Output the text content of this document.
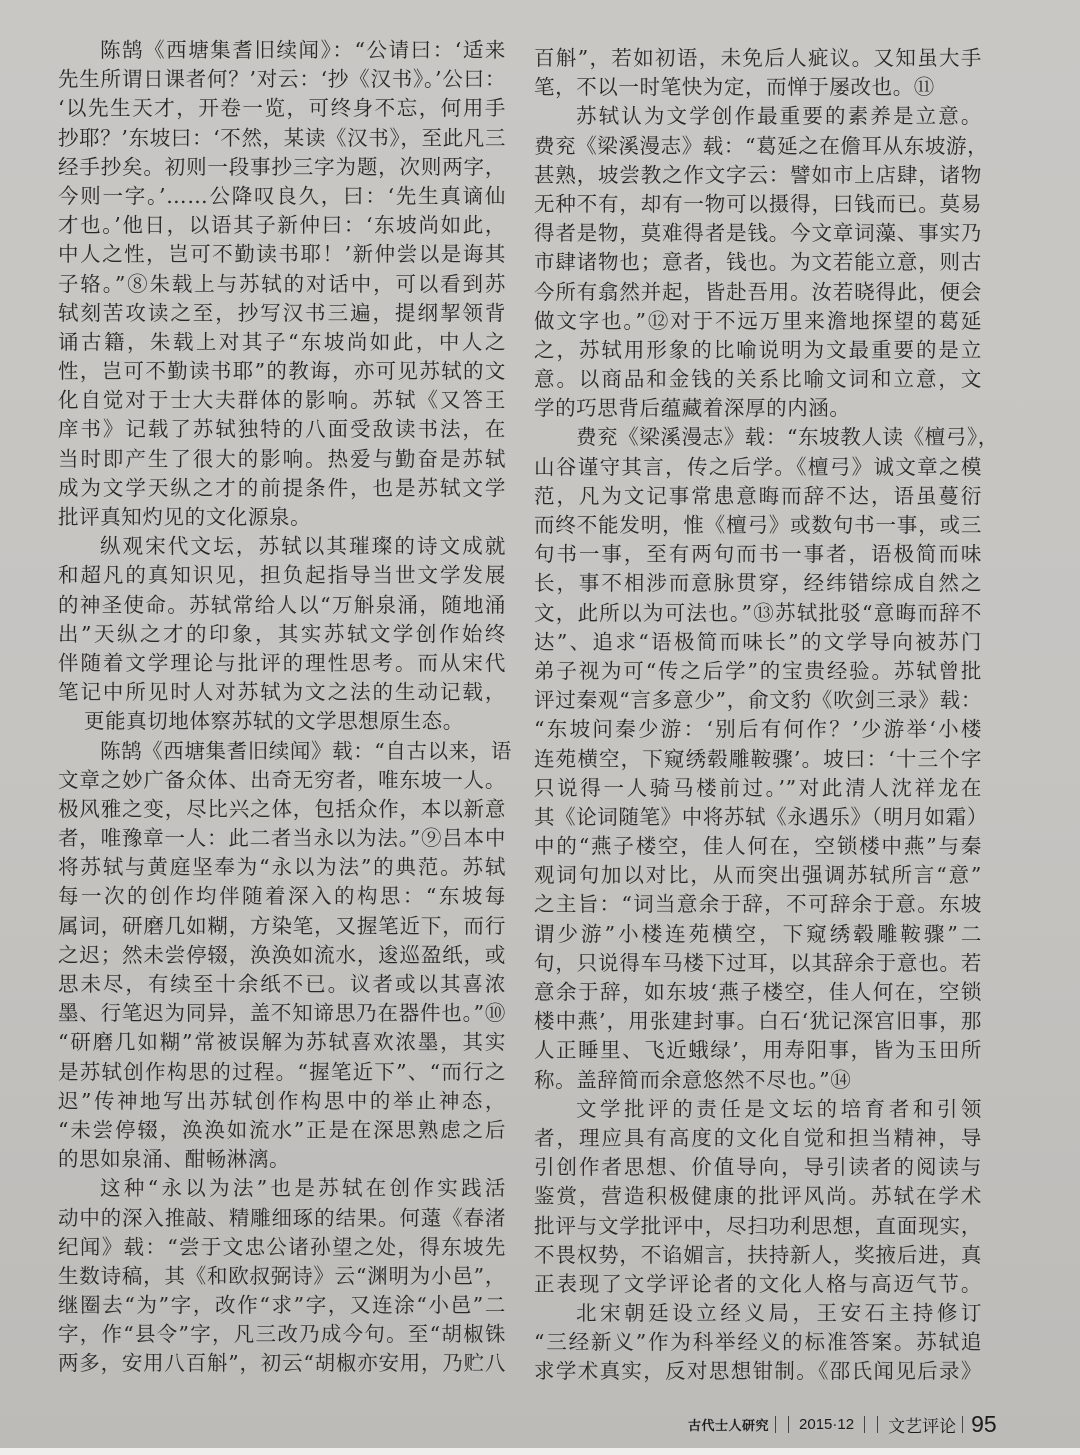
陈鹄《西塘集耆旧续闻》：“公请曰：‘适来
先生所谓日课者何？’对云：‘抄《汉书》。’公曰：
‘以先生天才，开卷一览，可终身不忘，何用手
抄耶？’东坡曰：‘不然，某读《汉书》，至此凡三
经手抄矣。初则一段事抄三字为题，次则两字，
今则一字。’……公降叹良久，曰：‘先生真谪仙
才也。’他日，以语其子新仲曰：‘东坡尚如此，
中人之性，岂可不勤读书耶！’新仲尝以是诲其
子辂。”⑧朱载上与苏轼的对话中，可以看到苏
轼刻苦攻读之至，抄写汉书三遍，提纲挈领背
诵古籍，朱载上对其子“东坡尚如此，中人之
性，岂可不勤读书耶”的教诲，亦可见苏轼的文
化自觉对于士大夫群体的影响。苏轼《又答王
庠书》记载了苏轼独特的八面受敌读书法，在
当时即产生了很大的影响。热爱与勤奋是苏轼
成为文学天纵之才的前提条件，也是苏轼文学
批评真知灼见的文化源泉。
纵观宋代文坛，苏轼以其璀璨的诗文成就
和超凡的真知识见，担负起指导当世文学发展
的神圣使命。苏轼常给人以“万斛泉涌，随地涌
出”天纵之才的印象，其实苏轼文学创作始终
伴随着文学理论与批评的理性思考。而从宋代
笔记中所见时人对苏轼为文之法的生动记载，
更能真切地体察苏轼的文学思想原生态。
陈鹄《西塘集耆旧续闻》载：“自古以来，语
文章之妙广备众体、出奇无穷者，唯东坡一人。
极风雅之变，尽比兴之体，包括众作，本以新意
者，唯豫章一人：此二者当永以为法。”⑨吕本中
将苏轼与黄庭坚奉为“永以为法”的典范。苏轼
每一次的创作均伴随着深入的构思：“东坡每
属词，研磨几如糊，方染笔，又握笔近下，而行
之迟；然未尝停辍，涣涣如流水，逡巡盈纸，或
思未尽，有续至十余纸不已。议者或以其喜浓
墨、行笔迟为同异，盖不知谛思乃在器件也。”⑩
“研磨几如糊”常被误解为苏轼喜欢浓墨，其实
是苏轼创作构思的过程。“握笔近下”、“而行之
迟”传神地写出苏轼创作构思中的举止神态，
“未尝停辍，涣涣如流水”正是在深思熟虑之后
的思如泉涌、酣畅淋漓。
这种“永以为法”也是苏轼在创作实践活
动中的深入推敲、精雕细琢的结果。何薳《春渚
纪闻》载：“尝于文忠公诸孙望之处，得东坡先
生数诗稿，其《和欧叔弼诗》云“渊明为小邑”，
继圈去“为”字，改作“求”字，又连涂“小邑”二
字，作“县令”字，凡三改乃成今句。至“胡椒铢
两多，安用八百斛”，初云“胡椒亦安用，乃贮八
百斛”，若如初语，未免后人疵议。又知虽大手
笔，不以一时笔快为定，而惮于屡改也。⑪
苏轼认为文学创作最重要的素养是立意。
费兖《梁溪漫志》载：“葛延之在儋耳从东坡游，
甚熟，坡尝教之作文字云：譬如市上店肆，诸物
无种不有，却有一物可以摄得，曰钱而已。莫易
得者是物，莫难得者是钱。今文章词藻、事实乃
市肆诸物也；意者，钱也。为文若能立意，则古
今所有翕然并起，皆赴吾用。汝若晓得此，便会
做文字也。”⑫对于不远万里来澹地探望的葛延
之，苏轼用形象的比喻说明为文最重要的是立
意。以商品和金钱的关系比喻文词和立意，文
学的巧思背后蕴藏着深厚的内涵。
费兖《梁溪漫志》载：“东坡教人读《檀弓》，
山谷谨守其言，传之后学。《檀弓》诚文章之模
范，凡为文记事常患意晦而辞不达，语虽蔓衍
而终不能发明，惟《檀弓》或数句书一事，或三
句书一事，至有两句而书一事者，语极简而味
长，事不相涉而意脉贯穿，经纬错综成自然之
文，此所以为可法也。”⑬苏轼批驳“意晦而辞不
达”、追求“语极简而味长”的文学导向被苏门
弟子视为可“传之后学”的宝贵经验。苏轼曾批
评过秦观“言多意少”，俞文豹《吹剑三录》载：
“东坡问秦少游：‘别后有何作？’少游举‘小楼
连苑横空，下窥绣毂雕鞍骤’。坡曰：‘十三个字
只说得一人骑马楼前过。’”对此清人沈祥龙在
其《论词随笔》中将苏轼《永遇乐》（明月如霜）
中的“燕子楼空，佳人何在，空锁楼中燕”与秦
观词句加以对比，从而突出强调苏轼所言“意”
之主旨：“词当意余于辞，不可辞余于意。东坡
谓少游”小楼连苑横空，下窥绣毂雕鞍骤”二
句，只说得车马楼下过耳，以其辞余于意也。若
意余于辞，如东坡‘燕子楼空，佳人何在，空锁
楼中燕’，用张建封事。白石‘犹记深宫旧事，那
人正睡里、飞近蛾绿’，用寿阳事，皆为玉田所
称。盖辞简而余意悠然不尽也。”⑭
文学批评的责任是文坛的培育者和引领
者，理应具有高度的文化自觉和担当精神，导
引创作者思想、价值导向，导引读者的阅读与
鉴赏，营造积极健康的批评风尚。苏轼在学术
批评与文学批评中，尽扫功利思想，直面现实，
不畏权势，不谄媚言，扶持新人，奖掖后进，真
正表现了文学评论者的文化人格与高迈气节。
北宋朝廷设立经义局，王安石主持修订
“三经新义”作为科举经义的标准答案。苏轼追
求学术真实，反对思想钳制。《邵氏闻见后录》
古代士人研究 2015·12 文艺评论 95
